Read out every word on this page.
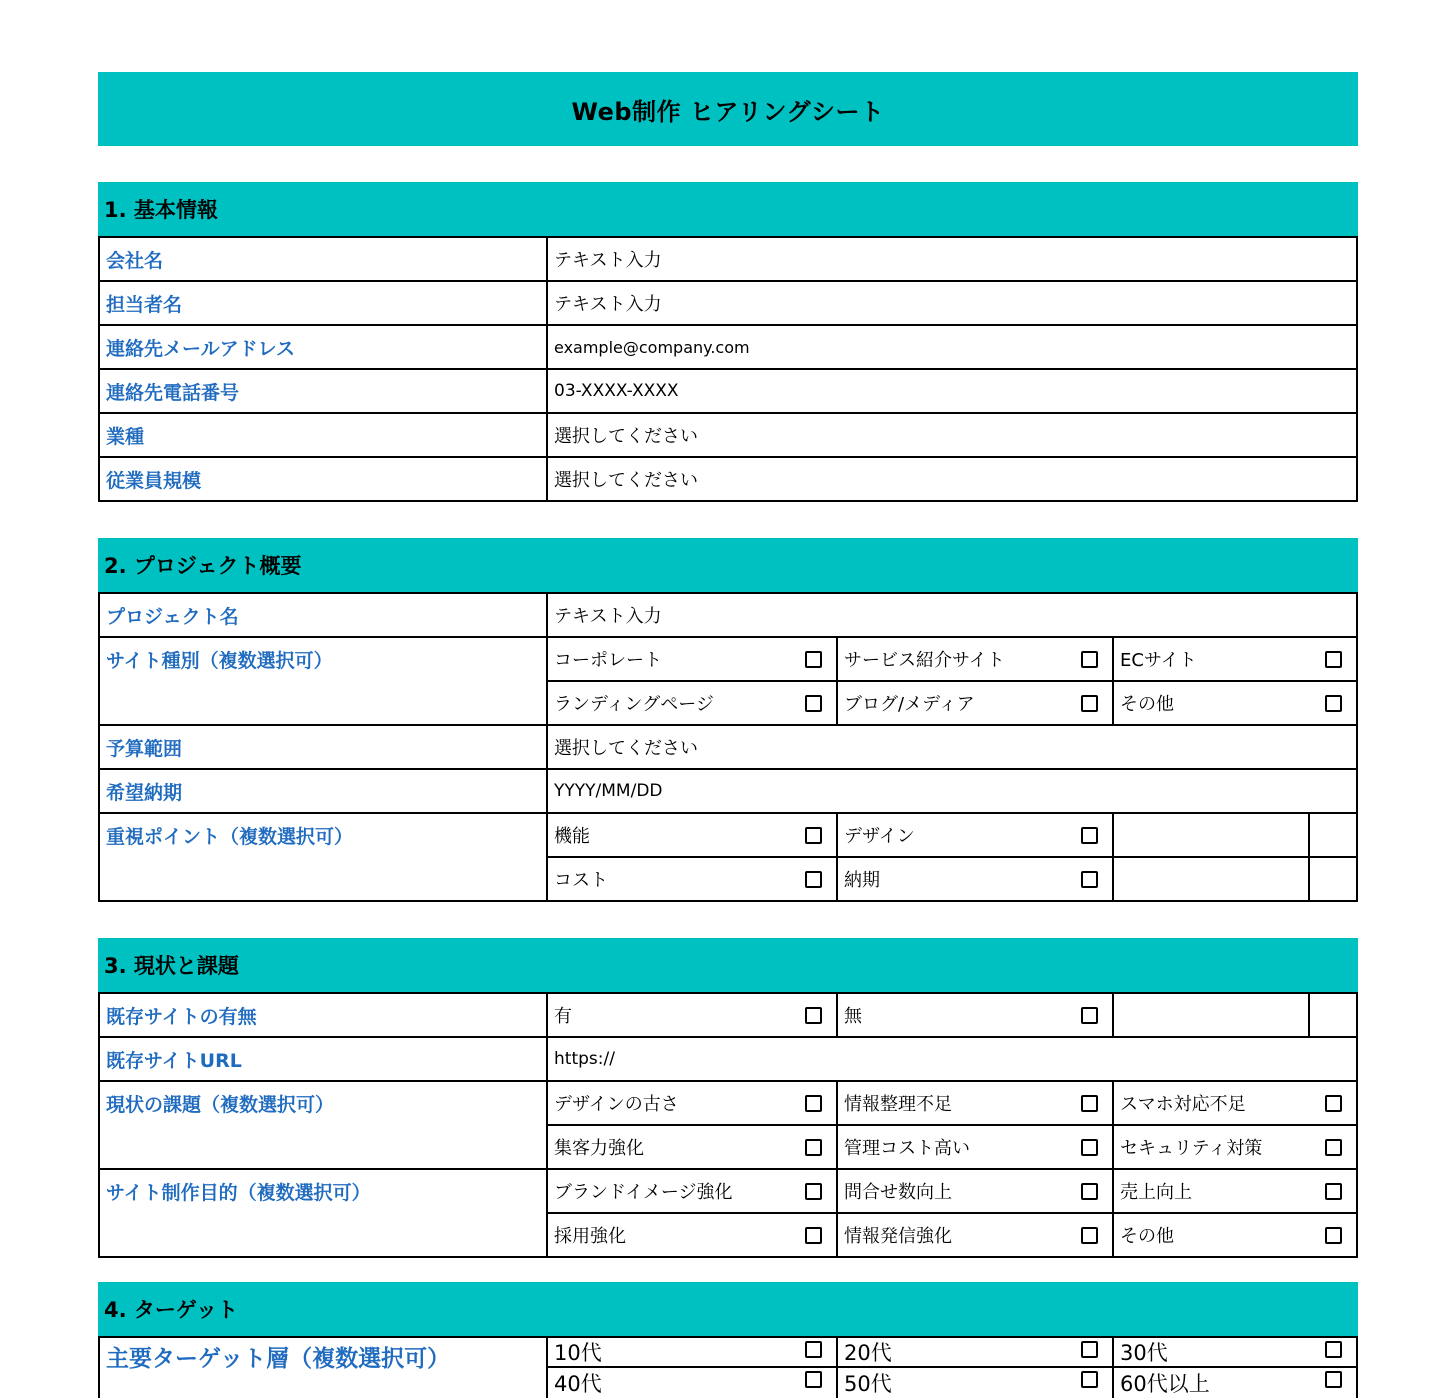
Web制作 ヒアリングシート
1. 基本情報
会社名	テキスト入力
担当者名	テキスト入力
連絡先メールアドレス	example@company.com
連絡先電話番号	03-XXXX-XXXX
業種	選択してください
従業員規模	選択してください
2. プロジェクト概要
プロジェクト名	テキスト入力
サイト種別（複数選択可）	コーポレート	サービス紹介サイト	ECサイト
ランディングページ	ブログ/メディア	その他
予算範囲	選択してください
希望納期	YYYY/MM/DD
重視ポイント（複数選択可）	機能	デザイン
コスト	納期
3. 現状と課題
既存サイトの有無	有	無
既存サイトURL	https://
現状の課題（複数選択可）	デザインの古さ	情報整理不足	スマホ対応不足
集客力強化	管理コスト高い	セキュリティ対策
サイト制作目的（複数選択可）	ブランドイメージ強化	問合せ数向上	売上向上
採用強化	情報発信強化	その他
4. ターゲット
主要ターゲット層（複数選択可）	10代	20代	30代
40代	50代	60代以上
